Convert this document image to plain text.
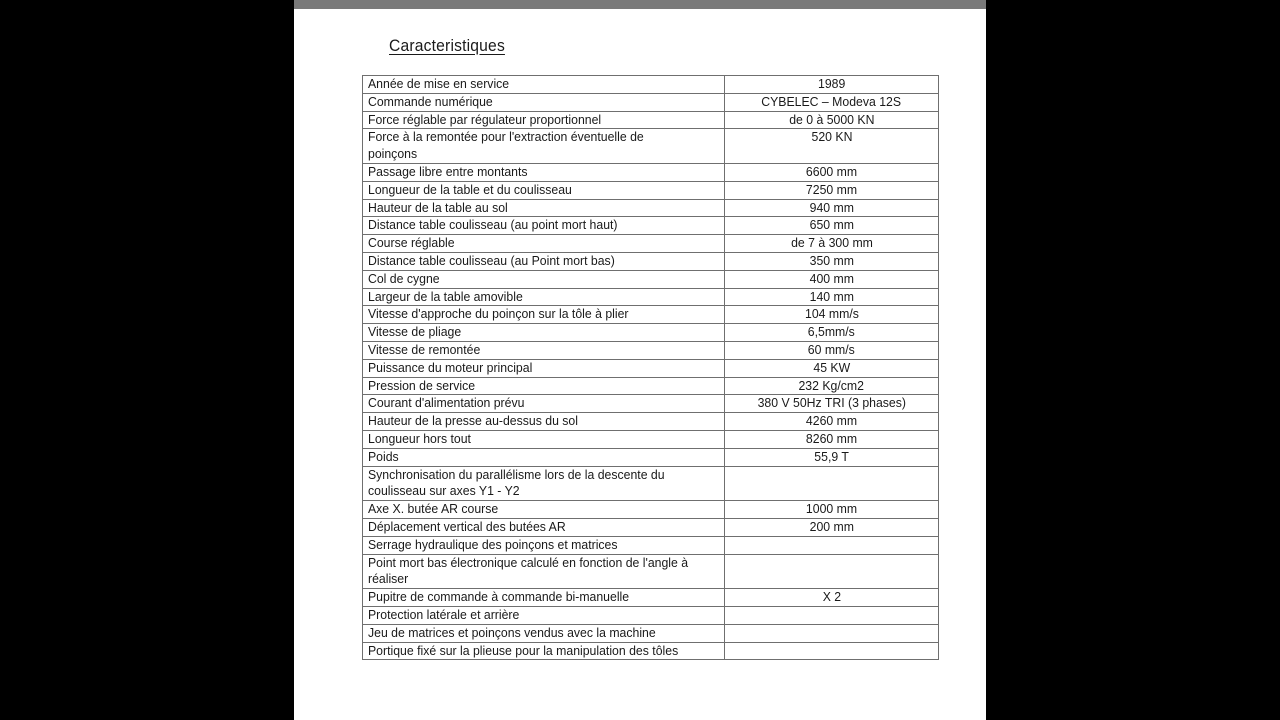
Caracteristiques
Année de mise en service	1989
Commande numérique	CYBELEC – Modeva 12S
Force réglable par régulateur proportionnel	de 0 à 5000 KN
Force à la remontée pour l'extraction éventuelle de poinçons	520 KN
Passage libre entre montants	6600 mm
Longueur de la table et du coulisseau	7250 mm
Hauteur de la table au sol	940 mm
Distance table coulisseau (au point mort haut)	650 mm
Course réglable	de 7 à 300 mm
Distance table coulisseau (au Point mort bas)	350 mm
Col de cygne	400 mm
Largeur de la table amovible	140 mm
Vitesse d'approche du poinçon sur la tôle à plier	104 mm/s
Vitesse de pliage	6,5mm/s
Vitesse de remontée	60 mm/s
Puissance du moteur principal	45 KW
Pression de service	232 Kg/cm2
Courant d'alimentation prévu	380 V 50Hz TRI (3 phases)
Hauteur de la presse au-dessus du sol	4260 mm
Longueur hors tout	8260 mm
Poids	55,9 T
Synchronisation du parallélisme lors de la descente du coulisseau sur axes Y1 - Y2	
Axe X. butée AR course	1000 mm
Déplacement vertical des butées AR	200 mm
Serrage hydraulique des poinçons et matrices	
Point mort bas électronique calculé en fonction de l'angle à réaliser	
Pupitre de commande à commande bi-manuelle	X 2
Protection latérale et arrière	
Jeu de matrices et poinçons vendus avec la machine	
Portique fixé sur la plieuse pour la manipulation des tôles	
